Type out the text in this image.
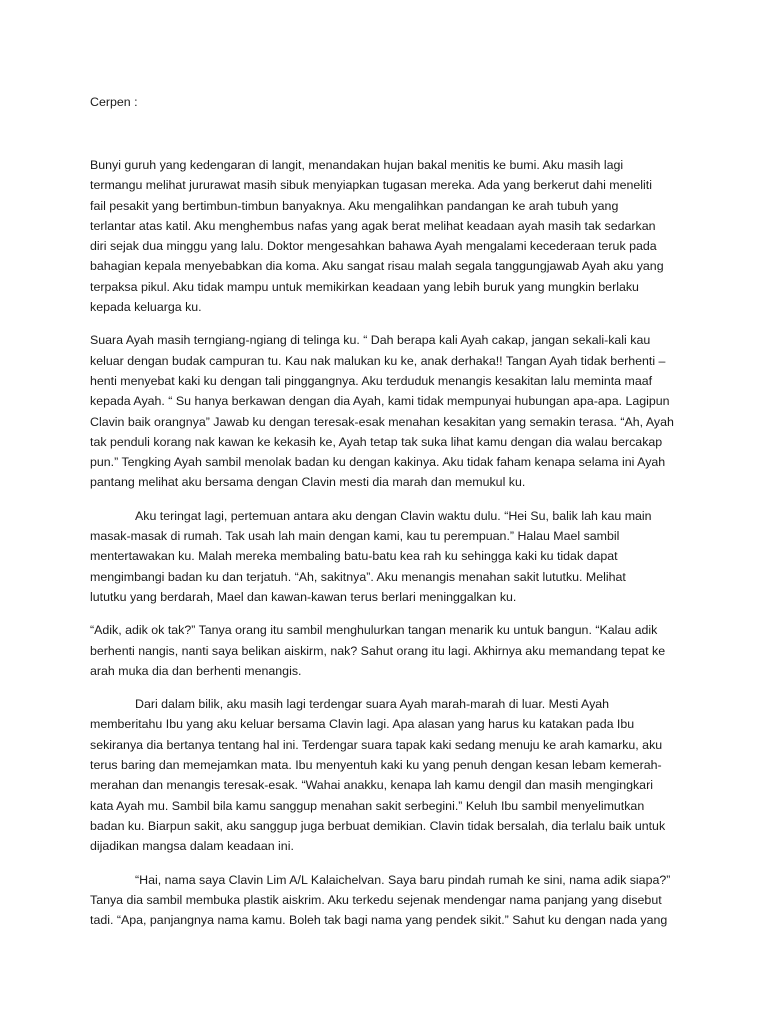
Cerpen :
Bunyi guruh yang kedengaran di langit, menandakan hujan bakal menitis ke bumi. Aku masih lagi
termangu melihat jururawat masih sibuk menyiapkan tugasan mereka. Ada yang berkerut dahi meneliti
fail pesakit yang bertimbun-timbun banyaknya. Aku mengalihkan pandangan ke arah tubuh yang
terlantar atas katil. Aku menghembus nafas yang agak berat melihat keadaan ayah masih tak sedarkan
diri sejak dua minggu yang lalu. Doktor mengesahkan bahawa Ayah mengalami kecederaan teruk pada
bahagian kepala menyebabkan dia koma. Aku sangat risau malah segala tanggungjawab Ayah aku yang
terpaksa pikul. Aku tidak mampu untuk memikirkan keadaan yang lebih buruk yang mungkin berlaku
kepada keluarga ku.
Suara Ayah masih terngiang-ngiang di telinga ku. “ Dah berapa kali Ayah cakap, jangan sekali-kali kau
keluar dengan budak campuran tu. Kau nak malukan ku ke, anak derhaka!! Tangan Ayah tidak berhenti –
henti menyebat kaki ku dengan tali pinggangnya. Aku terduduk menangis kesakitan lalu meminta maaf
kepada Ayah. “ Su hanya berkawan dengan dia Ayah, kami tidak mempunyai hubungan apa-apa. Lagipun
Clavin baik orangnya” Jawab ku dengan teresak-esak menahan kesakitan yang semakin terasa. “Ah, Ayah
tak penduli korang nak kawan ke kekasih ke, Ayah tetap tak suka lihat kamu dengan dia walau bercakap
pun.” Tengking Ayah sambil menolak badan ku dengan kakinya. Aku tidak faham kenapa selama ini Ayah
pantang melihat aku bersama dengan Clavin mesti dia marah dan memukul ku.
Aku teringat lagi, pertemuan antara aku dengan Clavin waktu dulu. “Hei Su, balik lah kau main
masak-masak di rumah. Tak usah lah main dengan kami, kau tu perempuan.” Halau Mael sambil
mentertawakan ku. Malah mereka membaling batu-batu kea rah ku sehingga kaki ku tidak dapat
mengimbangi badan ku dan terjatuh. “Ah, sakitnya”. Aku menangis menahan sakit lututku. Melihat
lututku yang berdarah, Mael dan kawan-kawan terus berlari meninggalkan ku.
“Adik, adik ok tak?” Tanya orang itu sambil menghulurkan tangan menarik ku untuk bangun. “Kalau adik
berhenti nangis, nanti saya belikan aiskirm, nak? Sahut orang itu lagi. Akhirnya aku memandang tepat ke
arah muka dia dan berhenti menangis.
Dari dalam bilik, aku masih lagi terdengar suara Ayah marah-marah di luar. Mesti Ayah
memberitahu Ibu yang aku keluar bersama Clavin lagi. Apa alasan yang harus ku katakan pada Ibu
sekiranya dia bertanya tentang hal ini. Terdengar suara tapak kaki sedang menuju ke arah kamarku, aku
terus baring dan memejamkan mata. Ibu menyentuh kaki ku yang penuh dengan kesan lebam kemerah-
merahan dan menangis teresak-esak. “Wahai anakku, kenapa lah kamu dengil dan masih mengingkari
kata Ayah mu. Sambil bila kamu sanggup menahan sakit serbegini.” Keluh Ibu sambil menyelimutkan
badan ku. Biarpun sakit, aku sanggup juga berbuat demikian. Clavin tidak bersalah, dia terlalu baik untuk
dijadikan mangsa dalam keadaan ini.
“Hai, nama saya Clavin Lim A/L Kalaichelvan. Saya baru pindah rumah ke sini, nama adik siapa?”
Tanya dia sambil membuka plastik aiskrim. Aku terkedu sejenak mendengar nama panjang yang disebut
tadi. “Apa, panjangnya nama kamu. Boleh tak bagi nama yang pendek sikit.” Sahut ku dengan nada yang
